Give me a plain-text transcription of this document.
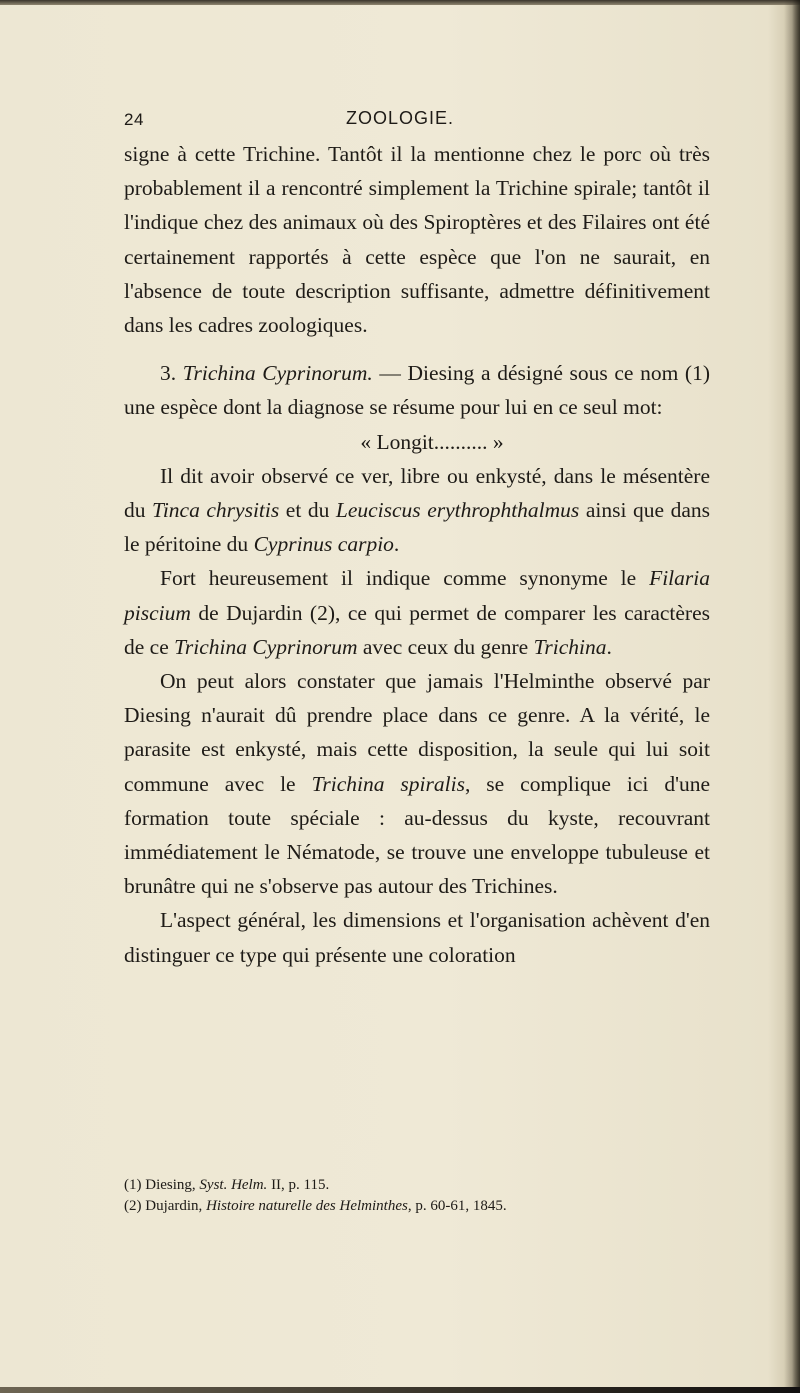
24	ZOOLOGIE.

signe à cette Trichine. Tantôt il la mentionne chez le porc où très probablement il a rencontré simplement la Trichine spirale; tantôt il l'indique chez des animaux où des Spiroptères et des Filaires ont été certainement rapportés à cette espèce que l'on ne saurait, en l'absence de toute description suffisante, admettre définitivement dans les cadres zoologiques.

3. Trichina Cyprinorum. — Diesing a désigné sous ce nom (1) une espèce dont la diagnose se résume pour lui en ce seul mot:

« Longit.......... »

Il dit avoir observé ce ver, libre ou enkysté, dans le mésentère du Tinca chrysitis et du Leuciscus erythrophthalmus ainsi que dans le péritoine du Cyprinus carpio.

Fort heureusement il indique comme synonyme le Filaria piscium de Dujardin (2), ce qui permet de comparer les caractères de ce Trichina Cyprinorum avec ceux du genre Trichina.

On peut alors constater que jamais l'Helminthe observé par Diesing n'aurait dû prendre place dans ce genre. A la vérité, le parasite est enkysté, mais cette disposition, la seule qui lui soit commune avec le Trichina spiralis, se complique ici d'une formation toute spéciale : au-dessus du kyste, recouvrant immédiatement le Nématode, se trouve une enveloppe tubuleuse et brunâtre qui ne s'observe pas autour des Trichines.

L'aspect général, les dimensions et l'organisation achèvent d'en distinguer ce type qui présente une coloration

(1) Diesing, Syst. Helm. II, p. 115.

(2) Dujardin, Histoire naturelle des Helminthes, p. 60-61, 1845.
